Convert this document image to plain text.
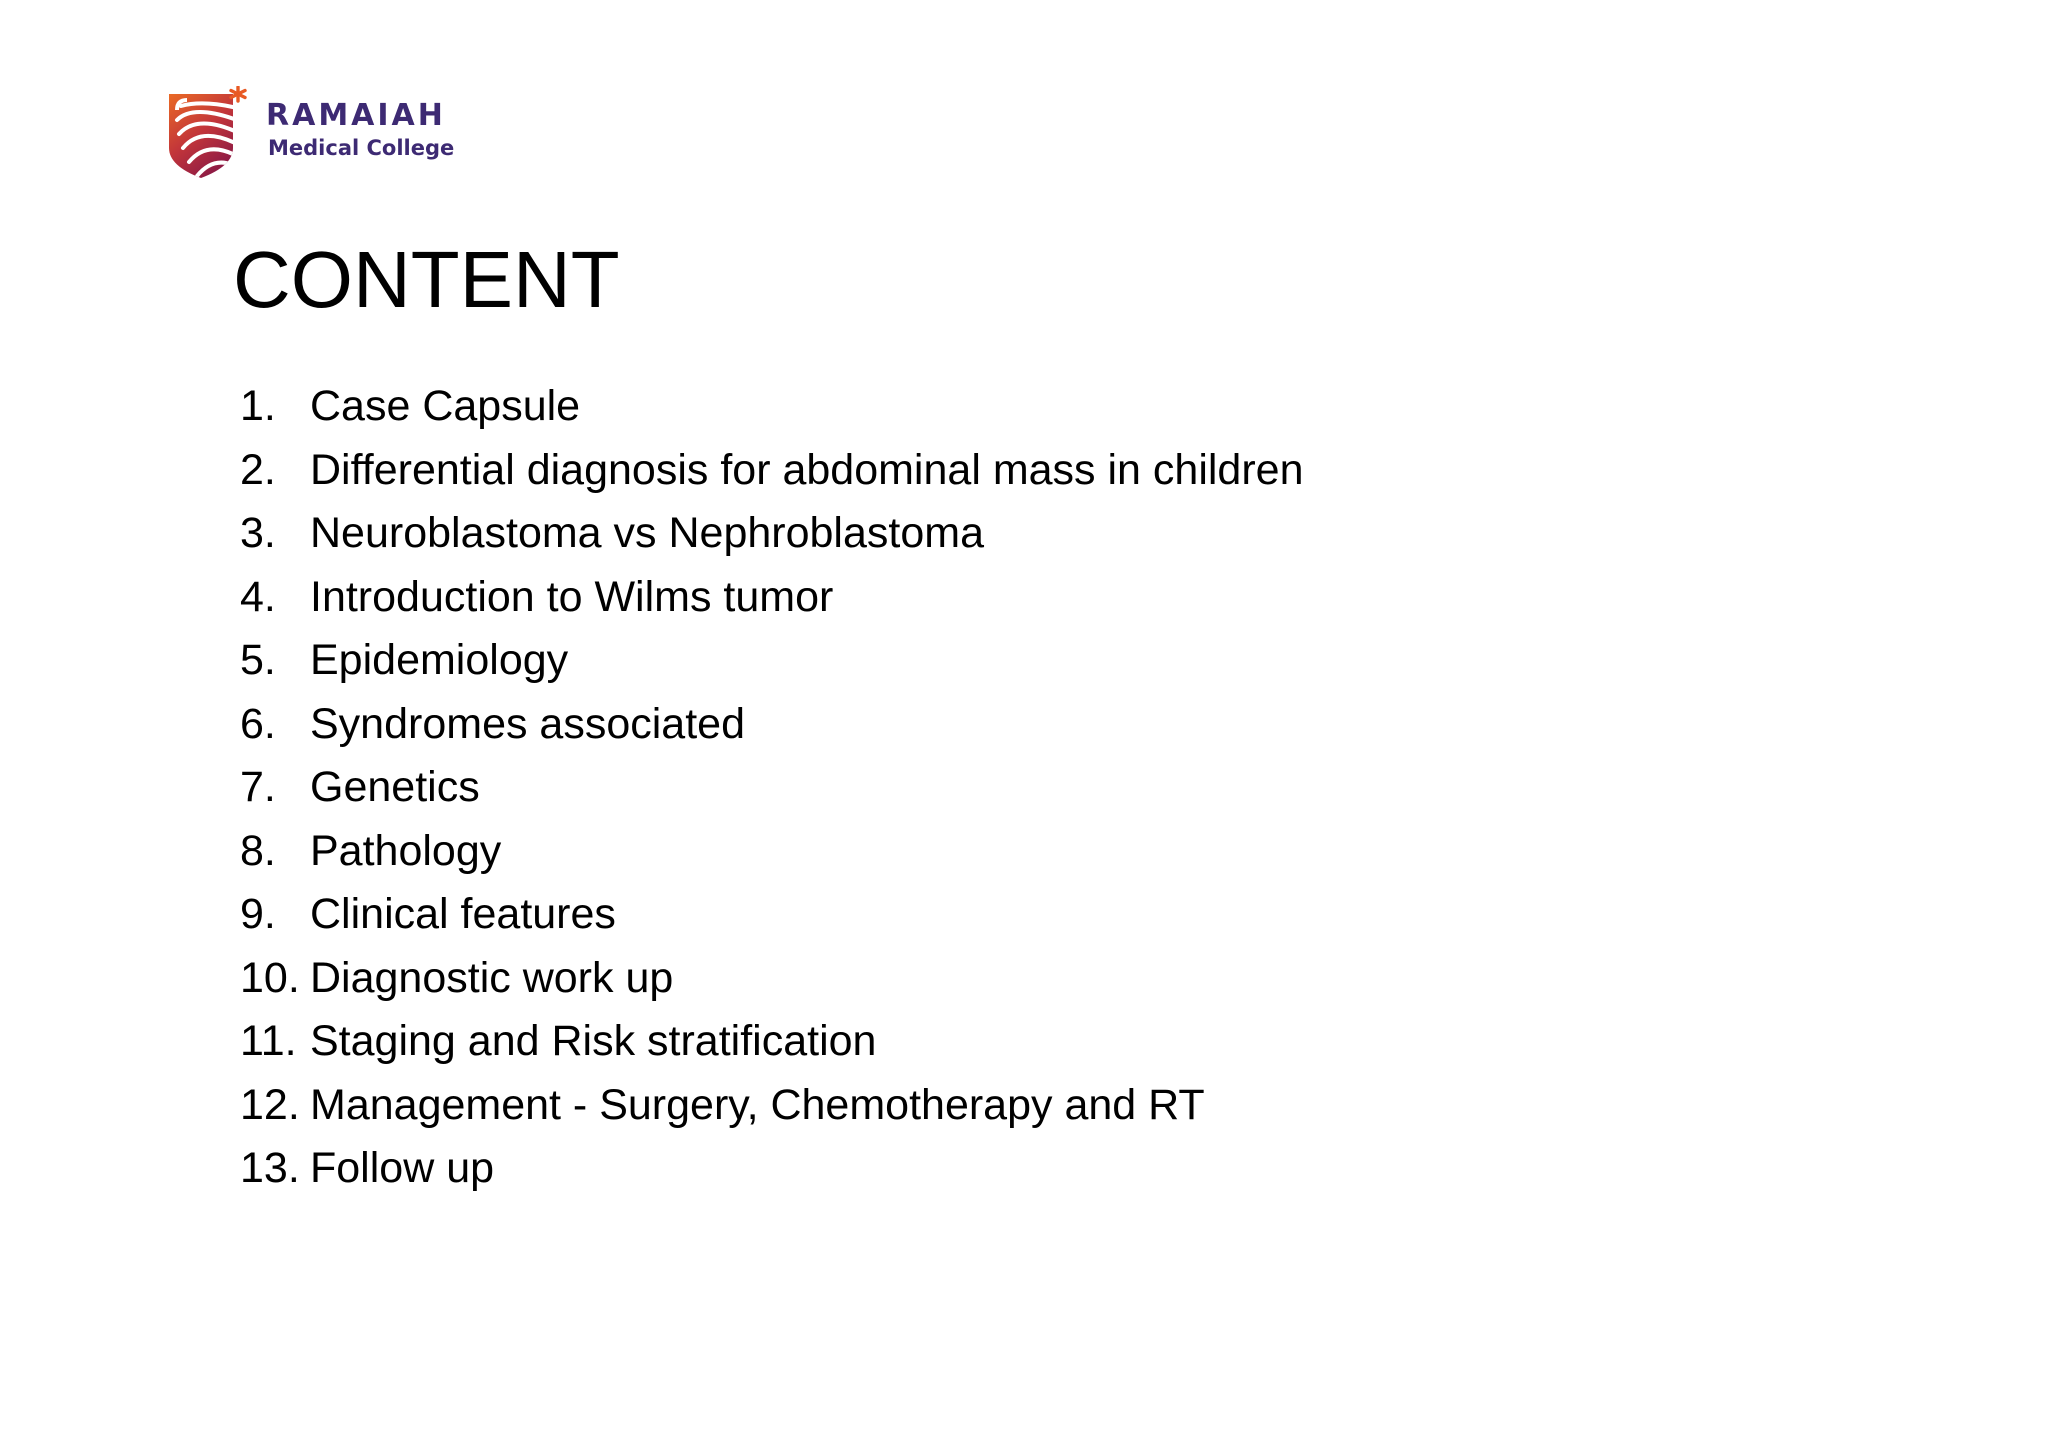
RAMAIAH
Medical College
CONTENT
1. Case Capsule
2. Differential diagnosis for abdominal mass in children
3. Neuroblastoma vs Nephroblastoma
4. Introduction to Wilms tumor
5. Epidemiology
6. Syndromes associated
7. Genetics
8. Pathology
9. Clinical features
10. Diagnostic work up
11. Staging and Risk stratification
12. Management - Surgery, Chemotherapy and RT
13. Follow up
